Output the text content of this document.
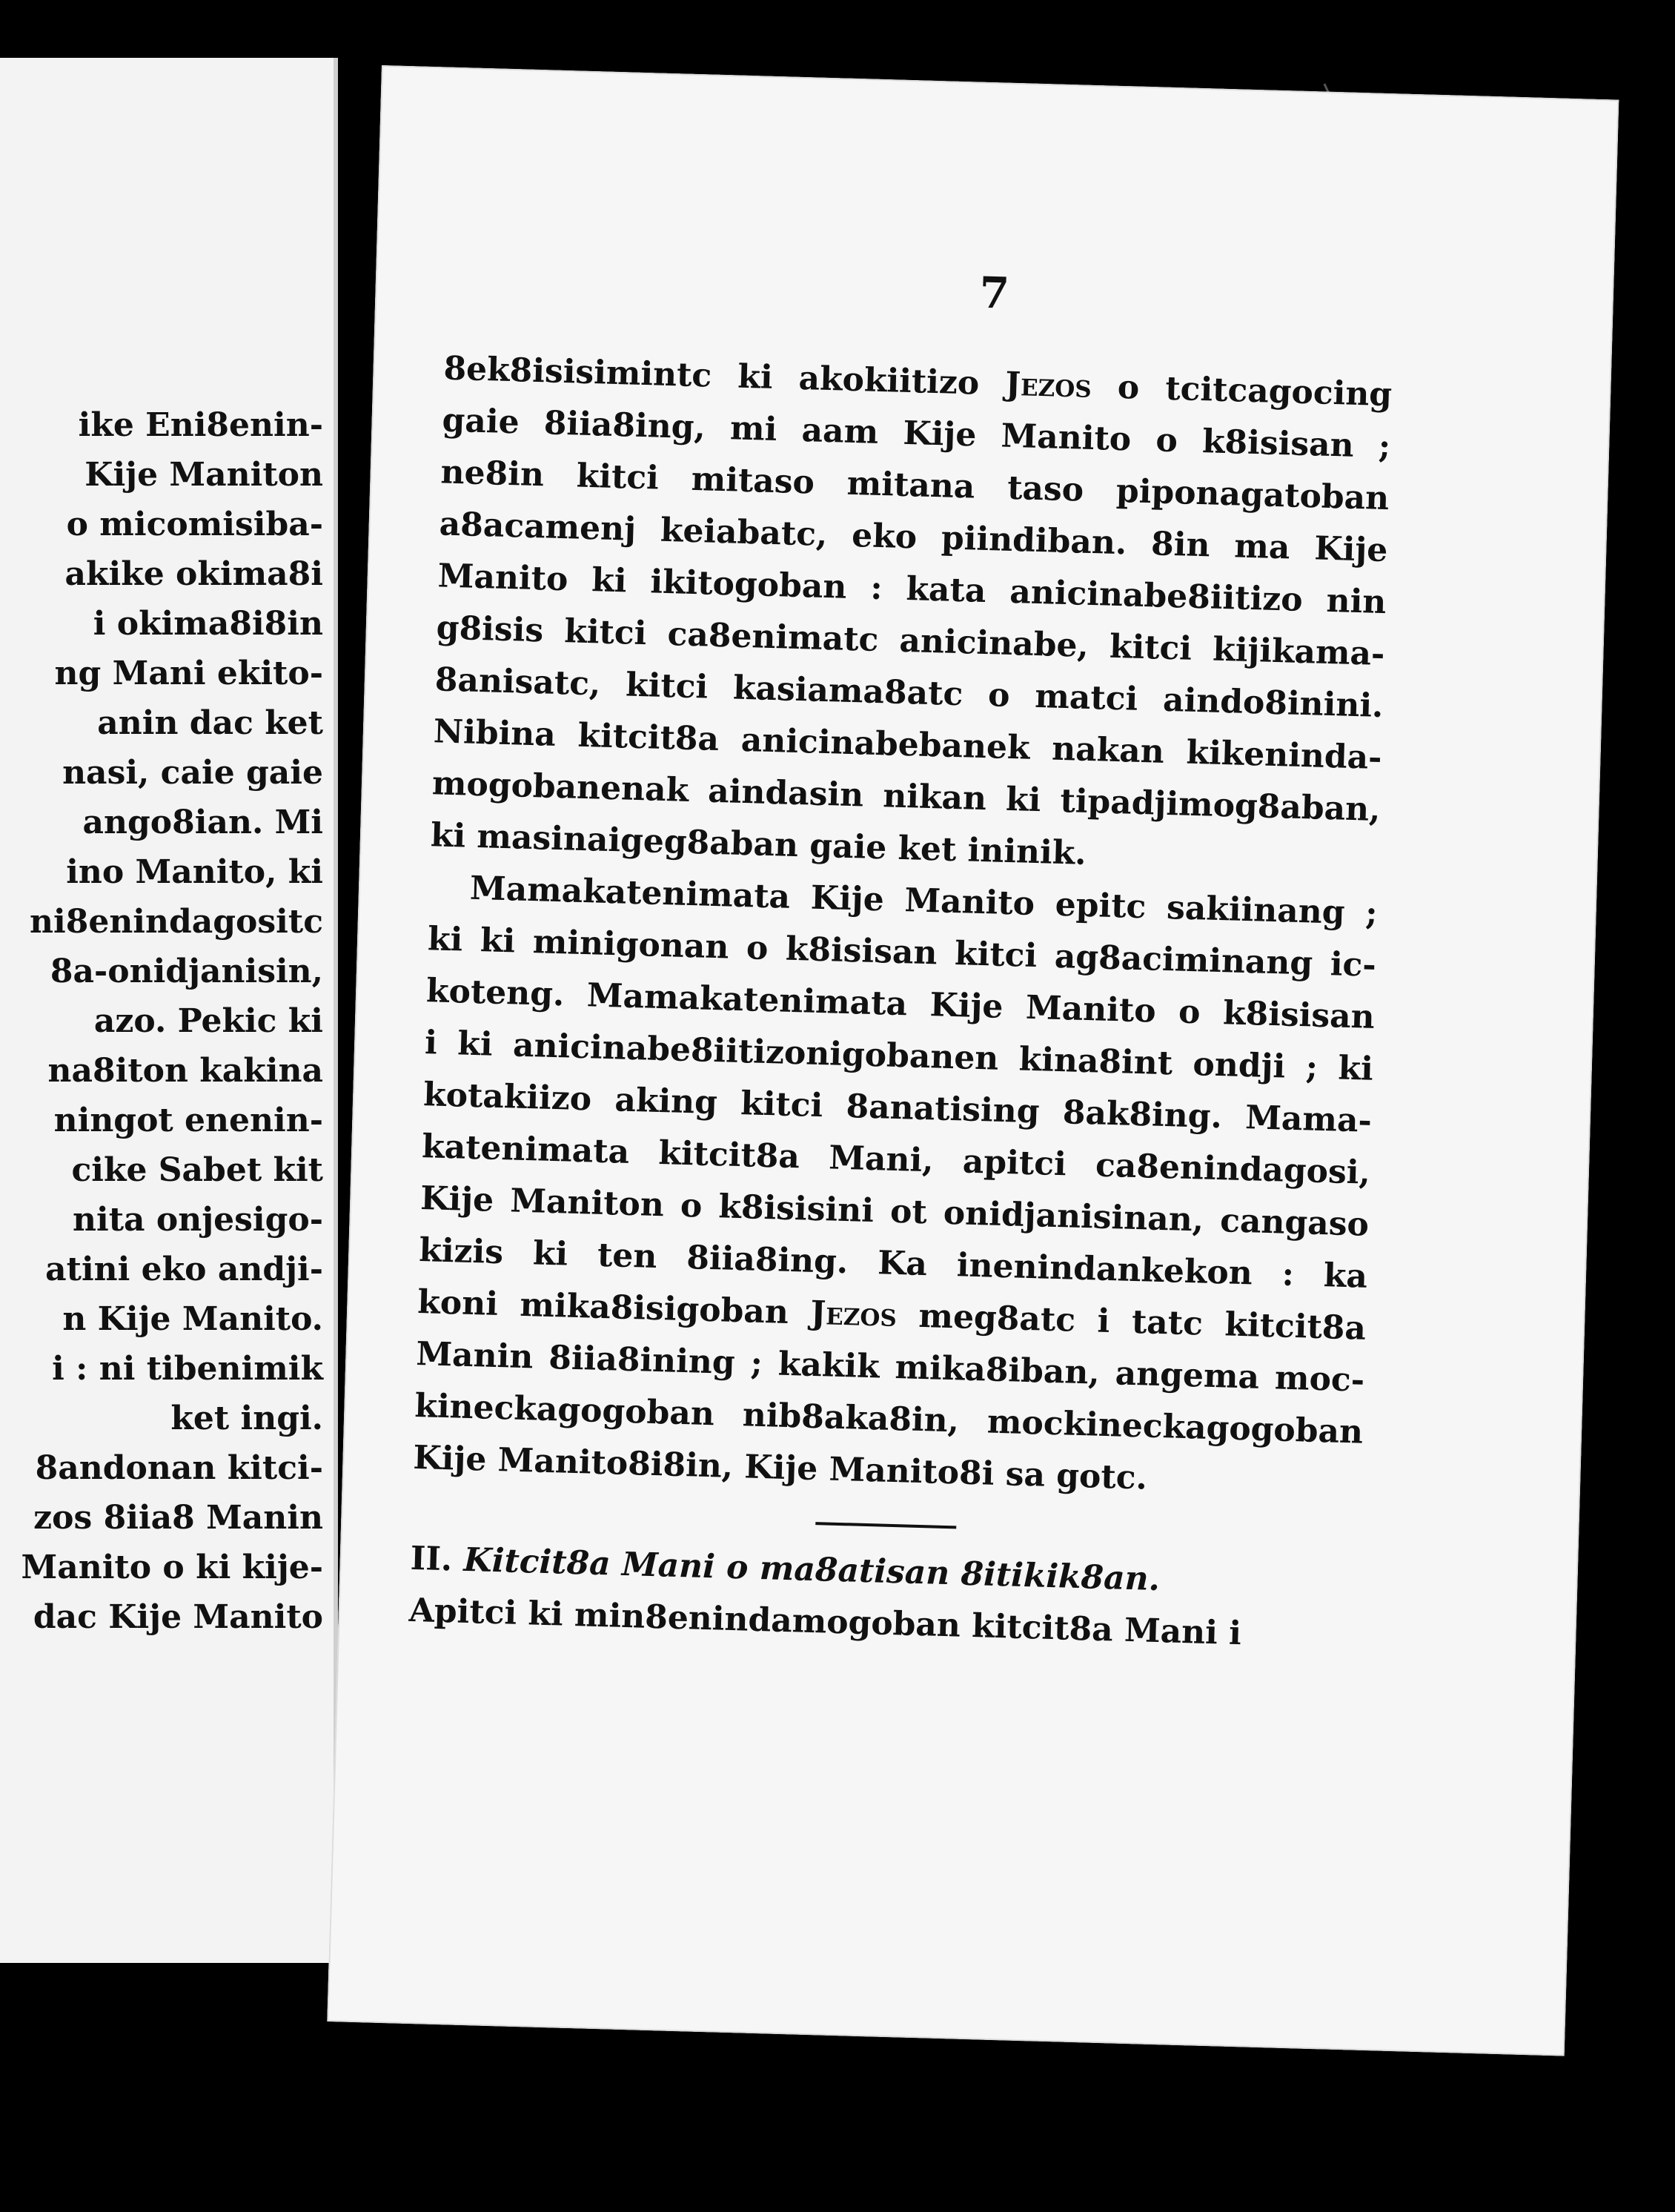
ike Eni8enin-
Kije Maniton
o micomisiba-
akike okima8i
i okima8i8in
ng Mani ekito-
anin dac ket
nasi, caie gaie
ango8ian. Mi
ino Manito, ki
ni8enindagositc
8a-onidjanisin,
azo. Pekic ki
na8iton kakina
ningot enenin-
cike Sabet kit
nita onjesigo-
atini eko andji-
n Kije Manito.
i : ni tibenimik
ket ingi.
8andonan kitci-
zos 8iia8 Manin
Manito o ki kije-
dac Kije Manito
7
8ek8isisimintc ki akokiitizo Jezos o tcitcagocing
gaie 8iia8ing, mi aam Kije Manito o k8isisan ;
ne8in kitci mitaso mitana taso piponagatoban
a8acamenj keiabatc, eko piindiban. 8in ma Kije
Manito ki ikitogoban : kata anicinabe8iitizo nin
g8isis kitci ca8enimatc anicinabe, kitci kijikama-
8anisatc, kitci kasiama8atc o matci aindo8inini.
Nibina kitcit8a anicinabebanek nakan kikeninda-
mogobanenak aindasin nikan ki tipadjimog8aban,
ki masinaigeg8aban gaie ket ininik.
Mamakatenimata Kije Manito epitc sakiinang ;
ki ki minigonan o k8isisan kitci ag8aciminang ic-
koteng. Mamakatenimata Kije Manito o k8isisan
i ki anicinabe8iitizonigobanen kina8int ondji ; ki
kotakiizo aking kitci 8anatising 8ak8ing. Mama-
katenimata kitcit8a Mani, apitci ca8enindagosi,
Kije Maniton o k8isisini ot onidjanisinan, cangaso
kizis ki ten 8iia8ing. Ka inenindankekon : ka
koni mika8isigoban Jezos meg8atc i tatc kitcit8a
Manin 8iia8ining ; kakik mika8iban, angema moc-
kineckagogoban nib8aka8in, mockineckagogoban
Kije Manito8i8in, Kije Manito8i sa gotc.
II. Kitcit8a Mani o ma8atisan 8itikik8an.
Apitci ki min8enindamogoban kitcit8a Mani i
